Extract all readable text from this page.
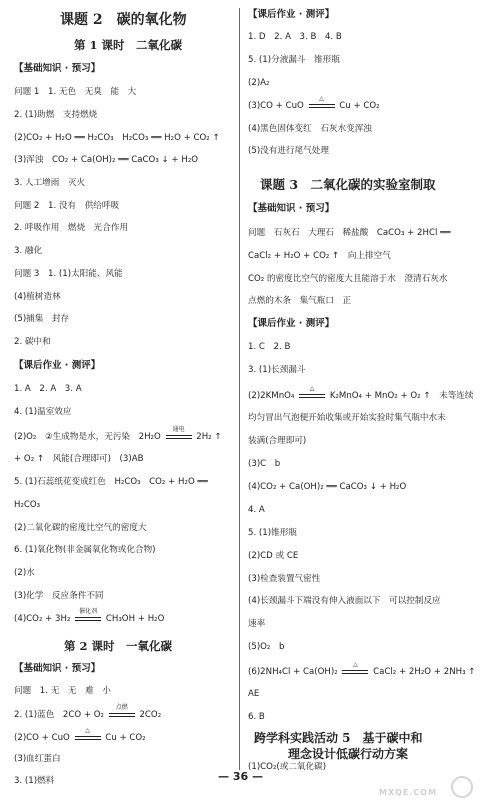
课题 2　碳的氧化物
第 1 课时　二氧化碳
【基础知识 · 预习】
问题 1　1. 无色　无臭　能　大
2. (1)助燃　支持燃烧
(2)CO₂ + H₂O ══ H₂CO₃　H₂CO₃ ══ H₂O + CO₂ ↑
(3)浑浊　CO₂ + Ca(OH)₂ ══ CaCO₃ ↓ + H₂O
3. 人工增雨　灭火
问题 2　1. 没有　供给呼吸
2. 呼吸作用　燃烧　光合作用
3. 融化
问题 3　1. (1)太阳能、风能
(4)植树造林
(5)捕集　封存
2. 碳中和
【课后作业 · 测评】
1. A　2. A　3. A
4. (1)温室效应
(2)O₂　②生成物是水，无污染　2H₂O
通电
2H₂ ↑
+ O₂ ↑　风能(合理即可)　(3)AB
5. (1)石蕊纸花变成红色　H₂CO₃　CO₂ + H₂O ══
H₂CO₃
(2)二氧化碳的密度比空气的密度大
6. (1)氧化物(非金属氧化物或化合物)
(2)水
(3)化学　反应条件不同
(4)CO₂ + 3H₂
催化剂
CH₃OH + H₂O
第 2 课时　一氧化碳
【基础知识 · 预习】
问题　1. 无　无　难　小
2. (1)蓝色　2CO + O₂
点燃
2CO₂
(2)CO + CuO
△
Cu + CO₂
(3)血红蛋白
3. (1)燃料
【课后作业 · 测评】
1. D　2. A　3. B　4. B
5. (1)分液漏斗　锥形瓶
(2)A₂
(3)CO + CuO
△
Cu + CO₂
(4)黑色固体变红　石灰水变浑浊
(5)没有进行尾气处理
课题 3　二氧化碳的实验室制取
【基础知识 · 预习】
问题　石灰石　大理石　稀盐酸　CaCO₃ + 2HCl ══
CaCl₂ + H₂O + CO₂ ↑　向上排空气
CO₂ 的密度比空气的密度大且能溶于水　澄清石灰水
点燃的木条　集气瓶口　正
【课后作业 · 测评】
1. C　2. B
3. (1)长颈漏斗
(2)2KMnO₄
△
K₂MnO₄ + MnO₂ + O₂ ↑　未等连续
均匀冒出气泡便开始收集或开始实验时集气瓶中水未
装满(合理即可)
(3)C　b
(4)CO₂ + Ca(OH)₂ ══ CaCO₃ ↓ + H₂O
4. A
5. (1)锥形瓶
(2)CD 或 CE
(3)检查装置气密性
(4)长颈漏斗下端没有伸入液面以下　可以控制反应
速率
(5)O₂　b
(6)2NH₄Cl + Ca(OH)₂
△
CaCl₂ + 2H₂O + 2NH₃ ↑
AE
6. B
跨学科实践活动 5　基于碳中和
理念设计低碳行动方案
(1)CO₂(或二氧化碳)
— 36 —
MXQE.COM
